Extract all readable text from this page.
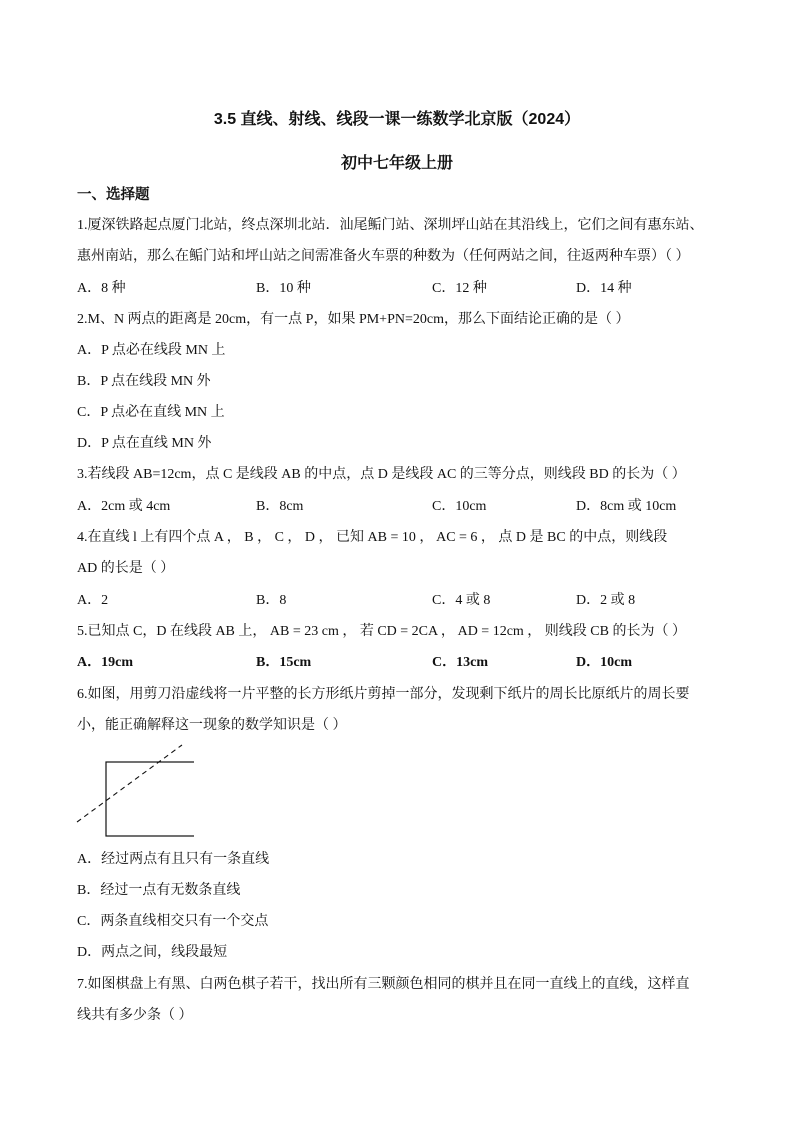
3.5 直线、射线、线段一课一练数学北京版（2024）
初中七年级上册
一、选择题
1.厦深铁路起点厦门北站，终点深圳北站．汕尾鲘门站、深圳坪山站在其沿线上，它们之间有惠东站、
惠州南站，那么在鲘门站和坪山站之间需准备火车票的种数为（任何两站之间，往返两种车票）（ ）
A．8 种	B．10 种	C．12 种	D．14 种
2.M、N 两点的距离是 20cm，有一点 P，如果 PM+PN=20cm，那么下面结论正确的是（ ）
A．P 点必在线段 MN 上
B．P 点在线段 MN 外
C．P 点必在直线 MN 上
D．P 点在直线 MN 外
3.若线段 AB=12cm，点 C 是线段 AB 的中点，点 D 是线段 AC 的三等分点，则线段 BD 的长为（ ）
A．2cm 或 4cm	B．8cm	C．10cm	D．8cm 或 10cm
4.在直线 l 上有四个点 A ， B ， C ， D ， 已知 AB = 10 ， AC = 6 ， 点 D 是 BC 的中点，则线段
AD 的长是（ ）
A．2	B．8	C．4 或 8	D．2 或 8
5.已知点 C，D 在线段 AB 上， AB = 23 cm ， 若 CD = 2CA ， AD = 12cm ， 则线段 CB 的长为（ ）
A．19cm	B．15cm	C．13cm	D．10cm
6.如图，用剪刀沿虚线将一片平整的长方形纸片剪掉一部分，发现剩下纸片的周长比原纸片的周长要
小，能正确解释这一现象的数学知识是（ ）
A．经过两点有且只有一条直线
B．经过一点有无数条直线
C．两条直线相交只有一个交点
D．两点之间，线段最短
7.如图棋盘上有黑、白两色棋子若干，找出所有三颗颜色相同的棋并且在同一直线上的直线，这样直
线共有多少条（ ）
